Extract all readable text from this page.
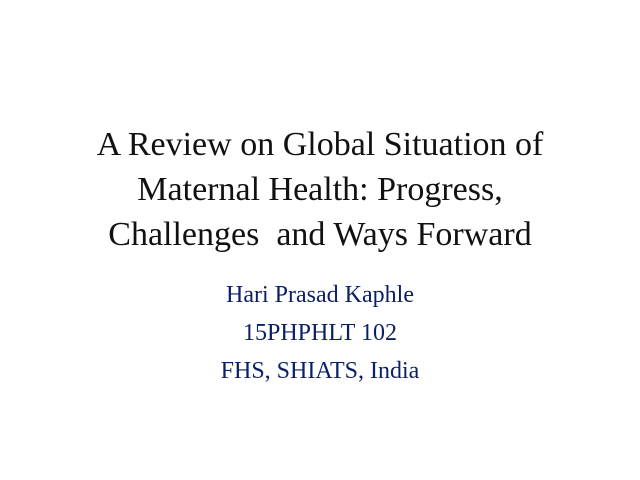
A Review on Global Situation of
Maternal Health: Progress,
Challenges  and Ways Forward
Hari Prasad Kaphle
15PHPHLT 102
FHS, SHIATS, India
